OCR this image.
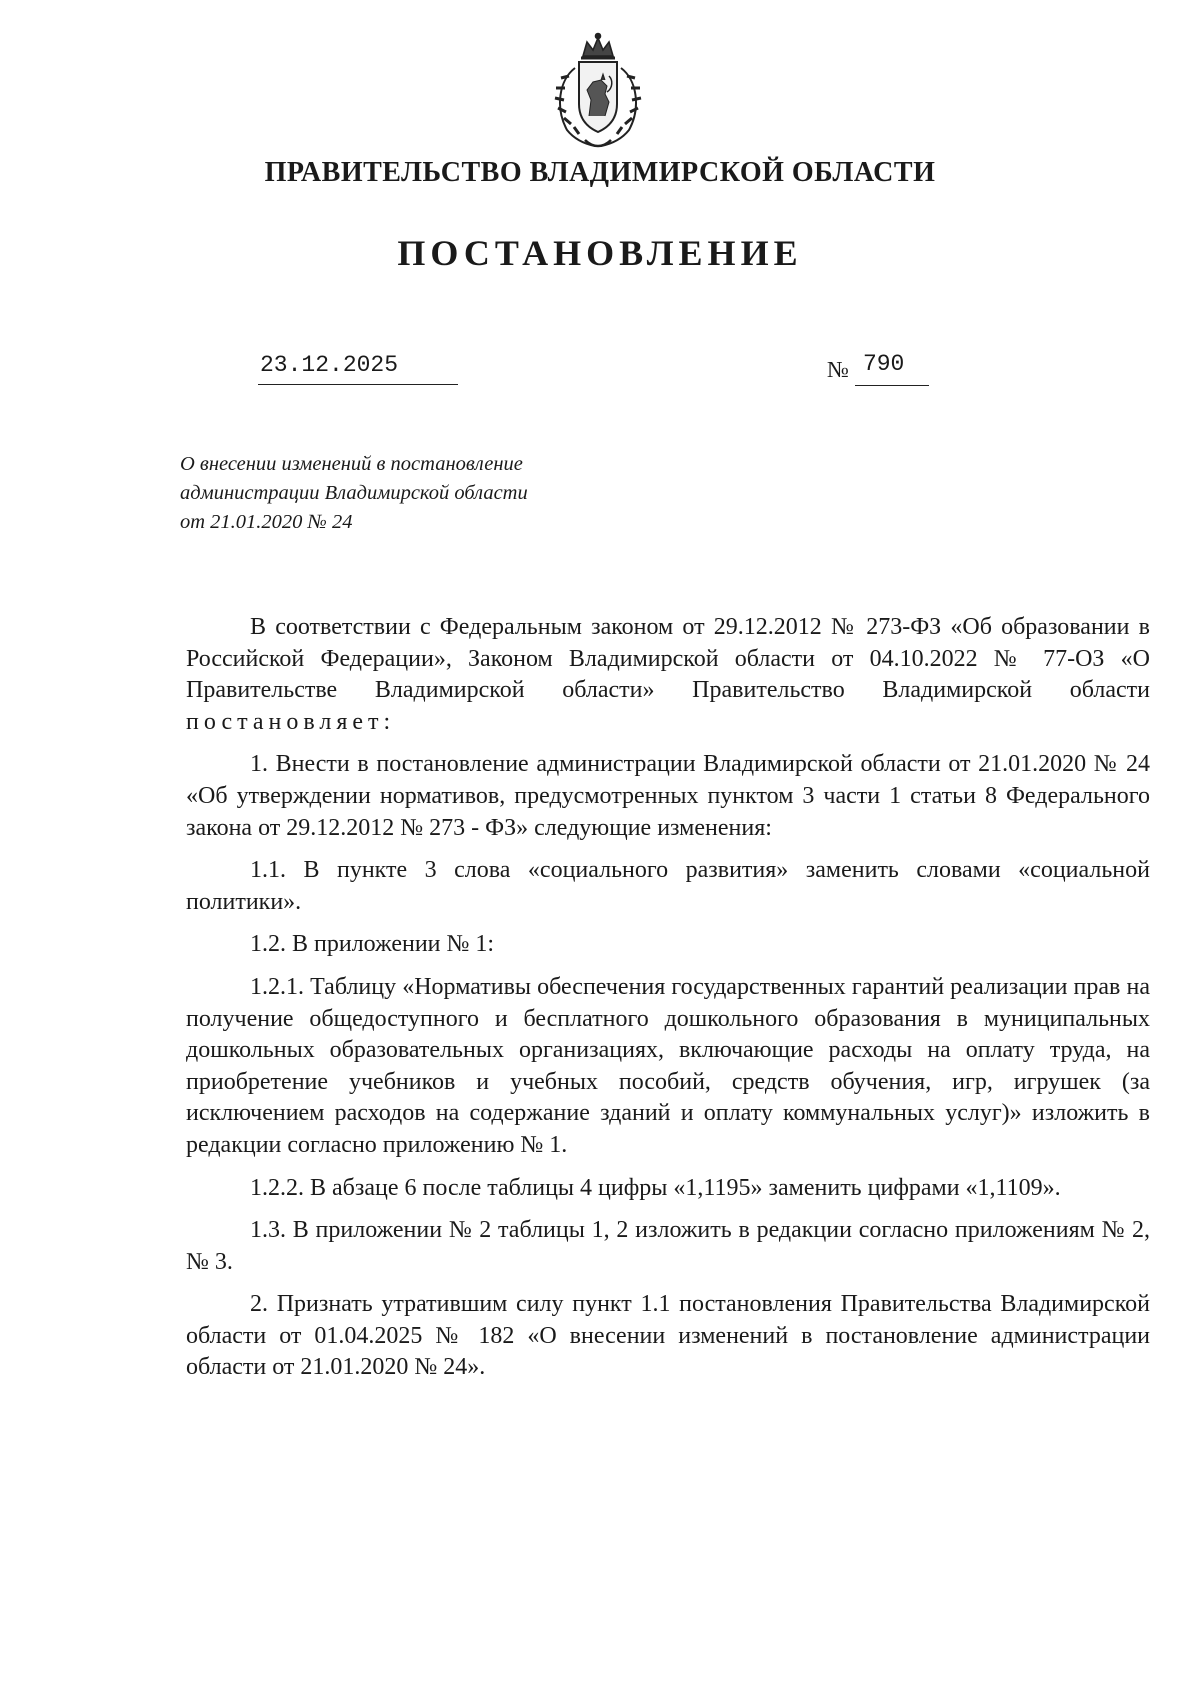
ПРАВИТЕЛЬСТВО ВЛАДИМИРСКОЙ ОБЛАСТИ
ПОСТАНОВЛЕНИЕ
23.12.2025	№ 790
О внесении изменений в постановление
администрации Владимирской области
от 21.01.2020 № 24

В соответствии с Федеральным законом от 29.12.2012 № 273-ФЗ «Об образовании в Российской Федерации», Законом Владимирской области от 04.10.2022 № 77-ОЗ «О Правительстве Владимирской области» Правительство Владимирской области постановляет:

1. Внести в постановление администрации Владимирской области от 21.01.2020 № 24 «Об утверждении нормативов, предусмотренных пунктом 3 части 1 статьи 8 Федерального закона от 29.12.2012 № 273 - ФЗ» следующие изменения:

1.1. В пункте 3 слова «социального развития» заменить словами «социальной политики».

1.2. В приложении № 1:

1.2.1. Таблицу «Нормативы обеспечения государственных гарантий реализации прав на получение общедоступного и бесплатного дошкольного образования в муниципальных дошкольных образовательных организациях, включающие расходы на оплату труда, на приобретение учебников и учебных пособий, средств обучения, игр, игрушек (за исключением расходов на содержание зданий и оплату коммунальных услуг)» изложить в редакции согласно приложению № 1.

1.2.2. В абзаце 6 после таблицы 4 цифры «1,1195» заменить цифрами «1,1109».

1.3. В приложении № 2 таблицы 1, 2 изложить в редакции согласно приложениям № 2, № 3.

2. Признать утратившим силу пункт 1.1 постановления Правительства Владимирской области от 01.04.2025 № 182 «О внесении изменений в постановление администрации области от 21.01.2020 № 24».
